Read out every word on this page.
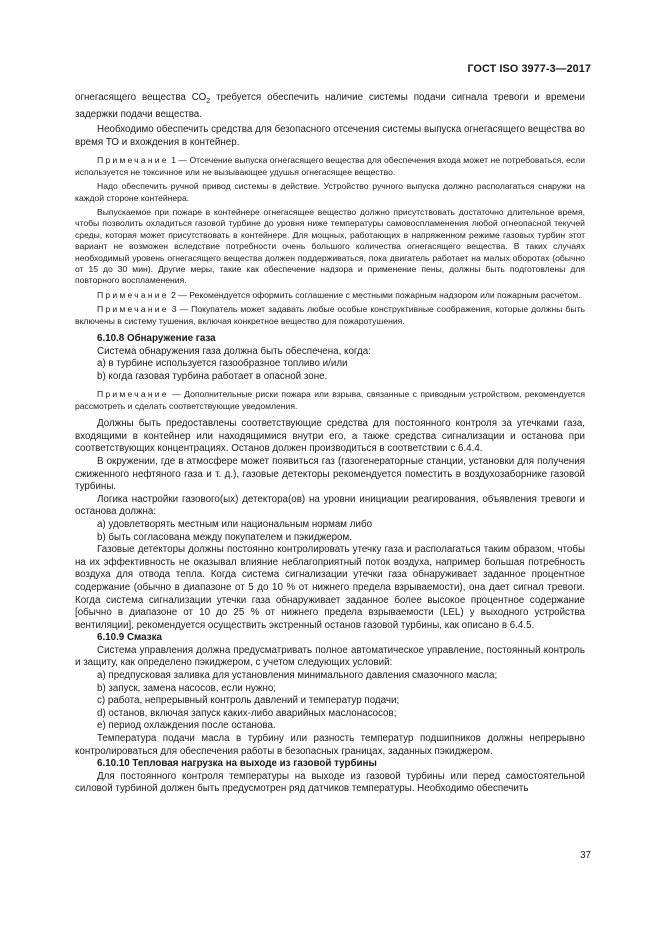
ГОСТ ISO 3977-3—2017

огнегасящего вещества $СО_2$ требуется обеспечить наличие системы подачи сигнала тревоги и времени задержки подачи вещества.

Необходимо обеспечить средства для безопасного отсечения системы выпуска огнегасящего вещества во время ТО и вхождения в контейнер.

Примечание 1 — Отсечение выпуска огнегасящего вещества для обеспечения входа может не потребоваться, если используется не токсичное или не вызывающее удушья огнегасящее вещество.

Надо обеспечить ручной привод системы в действие. Устройство ручного выпуска должно располагаться снаружи на каждой стороне контейнера.

Выпускаемое при пожаре в контейнере огнегасящее вещество должно присутствовать достаточно длительное время, чтобы позволить охладиться газовой турбине до уровня ниже температуры самовоспламенения любой огнеопасной текучей среды, которая может присутствовать в контейнере. Для мощных, работающих в напряженном режиме газовых турбин этот вариант не возможен вследствие потребности очень большого количества огнегасящего вещества. В таких случаях необходимый уровень огнегасящего вещества должен поддерживаться, пока двигатель работает на малых оборотах (обычно от 15 до 30 мин). Другие меры, такие как обеспечение надзора и применение пены, должны быть подготовлены для повторного воспламенения.

Примечание 2 — Рекомендуется оформить соглашение с местными пожарным надзором или пожарным расчетом.

Примечание 3 — Покупатель может задавать любые особые конструктивные соображения, которые должны быть включены в систему тушения, включая конкретное вещество для пожаротушения.

6.10.8 Обнаружение газа

Система обнаружения газа должна быть обеспечена, когда:

a) в турбине используется газообразное топливо и/или

b) когда газовая турбина работает в опасной зоне.

Примечание — Дополнительные риски пожара или взрыва, связанные с приводным устройством, рекомендуется рассмотреть и сделать соответствующие уведомления.

Должны быть предоставлены соответствующие средства для постоянного контроля за утечками газа, входящими в контейнер или находящимися внутри его, а также средства сигнализации и останова при соответствующих концентрациях. Останов должен производиться в соответствии с 6.4.4.

В окружении, где в атмосфере может появиться газ (газогенераторные станции, установки для получения сжиженного нефтяного газа и т. д.), газовые детекторы рекомендуется поместить в воздухозаборнике газовой турбины.

Логика настройки газового(ых) детектора(ов) на уровни инициации реагирования, объявления тревоги и останова должна:

a) удовлетворять местным или национальным нормам либо

b) быть согласована между покупателем и пэкиджером.

Газовые детекторы должны постоянно контролировать утечку газа и располагаться таким образом, чтобы на их эффективность не оказывал влияние неблагоприятный поток воздуха, например большая потребность воздуха для отвода тепла. Когда система сигнализации утечки газа обнаруживает заданное процентное содержание (обычно в диапазоне от 5 до 10 % от нижнего предела взрываемости), она дает сигнал тревоги. Когда система сигнализации утечки газа обнаруживает заданное более высокое процентное содержание [обычно в диапазоне от 10 до 25 % от нижнего предела взрываемости (LEL) у выходного устройства вентиляции], рекомендуется осуществить экстренный останов газовой турбины, как описано в 6.4.5.

6.10.9 Смазка

Система управления должна предусматривать полное автоматическое управление, постоянный контроль и защиту, как определено пэкиджером, с учетом следующих условий:

a) предпусковая заливка для установления минимального давления смазочного масла;

b) запуск, замена насосов, если нужно;

c) работа, непрерывный контроль давлений и температур подачи;

d) останов, включая запуск каких-либо аварийных маслонасосов;

e) период охлаждения после останова.

Температура подачи масла в турбину или разность температур подшипников должны непрерывно контролироваться для обеспечения работы в безопасных границах, заданных пэкиджером.

6.10.10 Тепловая нагрузка на выходе из газовой турбины

Для постоянного контроля температуры на выходе из газовой турбины или перед самостоятельной силовой турбиной должен быть предусмотрен ряд датчиков температуры. Необходимо обеспечить

37
